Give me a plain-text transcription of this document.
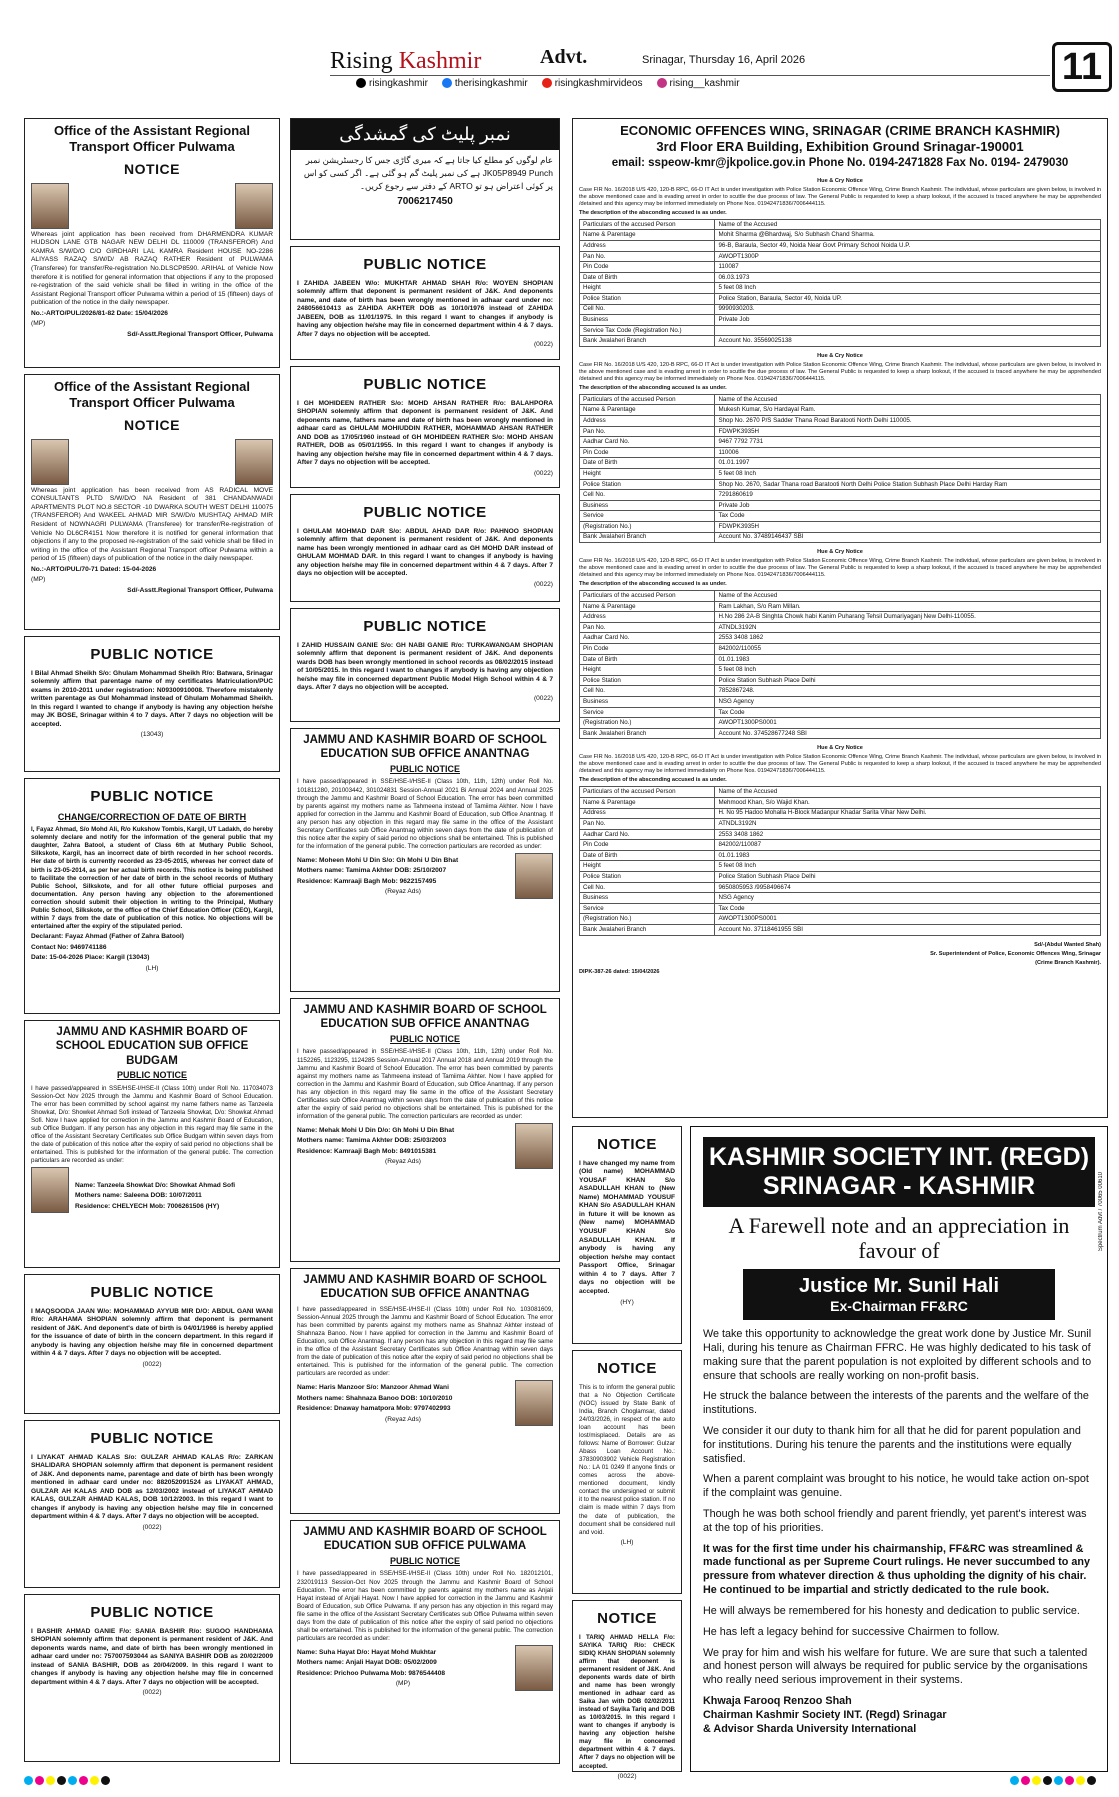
Rising Kashmir	Advt.	Srinagar, Thursday 16, April 2026	11
risingkashmir	therisingkashmir	risingkashmirvideos	rising__kashmir
Office of the Assistant Regional Transport Officer Pulwama
NOTICE

Whereas joint application has been received from DHARMENDRA KUMAR HUDSON LANE GTB NAGAR NEW DELHI DL 110009 (TRANSFEROR) And KAMRA S/W/D/O C/O GIRDHARI LAL KAMRA Resident HOUSE NO-2286 ALIYASS RAZAQ S/W/D/ AB RAZAQ RATHER Resident of PULWAMA (Transferee) for transfer/Re-registration No.DLSCP8590. ARIHAL of Vehicle Now therefore it is notified for general information that objections if any to the proposed re-registration of the said vehicle shall be filled in writing in the office of the Assistant Regional Transport officer Pulwama within a period of 15 (fifteen) days of publication of the notice in the daily newspaper.

No.:-ARTO/PUL/2026/81-82 Date: 15/04/2026

(MP)

Sd/-Asstt.Regional Transport Officer, Pulwama

Office of the Assistant Regional Transport Officer Pulwama
NOTICE

Whereas joint application has been received from AS RADICAL MOVE CONSULTANTS PLTD S/W/D/O NA Resident of 381 CHANDANWADI APARTMENTS PLOT NO.8 SECTOR -10 DWARKA SOUTH WEST DELHI 110075 (TRANSFEROR) And WAKEEL AHMAD MIR S/W/D/o MUSHTAQ AHMAD MIR Resident of NOWNAGRI PULWAMA (Transferee) for transfer/Re-registration of Vehicle No DL6CR4151 Now therefore it is notified for general information that objections if any to the proposed re-registration of the said vehicle shall be filled in writing in the office of the Assistant Regional Transport officer Pulwama within a period of 15 (fifteen) days of publication of the notice in the daily newspaper.

No.:-ARTO/PUL/70-71 Dated: 15-04-2026

(MP)

Sd/-Asstt.Regional Transport Officer, Pulwama

PUBLIC NOTICE

I Bilal Ahmad Sheikh S/o: Ghulam Mohammad Sheikh R/o: Batwara, Srinagar solemnly affirm that parentage name of my certificates Matriculation/PUC exams in 2010-2011 under registration: N09300910008. Therefore mistakenly written parentage as Gul Mohammad instead of Ghulam Mohammad Sheikh. In this regard I wanted to change if anybody is having any objection he/she may JK BOSE, Srinagar within 4 to 7 days. After 7 days no objection will be accepted.

(13043)

PUBLIC NOTICE
CHANGE/CORRECTION OF DATE OF BIRTH

I, Fayaz Ahmad, S/o Mohd Ali, R/o Kukshow Tombis, Kargil, UT Ladakh, do hereby solemnly declare and notify for the information of the general public that my daughter, Zahra Batool, a student of Class 6th at Muthary Public School, Silkskote, Kargil, has an incorrect date of birth recorded in her school records. Her date of birth is currently recorded as 23-05-2015, whereas her correct date of birth is 23-05-2014, as per her actual birth records. This notice is being published to facilitate the correction of her date of birth in the school records of Muthary Public School, Silkskote, and for all other future official purposes and documentation. Any person having any objection to the aforementioned correction should submit their objection in writing to the Principal, Muthary Public School, Silkskote, or the office of the Chief Education Officer (CEO), Kargil, within 7 days from the date of publication of this notice. No objections will be entertained after the expiry of the stipulated period.

Declarant: Fayaz Ahmad (Father of Zahra Batool)

Contact No: 9469741186

Date: 15-04-2026 Place: Kargil (13043)

(LH)

JAMMU AND KASHMIR BOARD OF SCHOOL EDUCATION SUB OFFICE BUDGAM
PUBLIC NOTICE

I have passed/appeared in SSE/HSE-I/HSE-II (Class 10th) under Roll No. 117034073 Session-Oct Nov 2025 through the Jammu and Kashmir Board of School Education. The error has been committed by school against my name fathers name as Tanzeela Showkat, D/o: Showket Ahmad Sofi instead of Tanzeela Showkat, D/o: Showkat Ahmad Sofi. Now I have applied for correction in the Jammu and Kashmir Board of Education, sub Office Budgam. If any person has any objection in this regard may file same in the office of the Assistant Secretary Certificates sub Office Budgam within seven days from the date of publication of this notice after the expiry of said period no objections shall be entertained. This is published for the information of the general public. The correction particulars are recorded as under:

Name: Tanzeela Showkat D/o: Showkat Ahmad Sofi

Mothers name: Saleena DOB: 10/07/2011

Residence: CHELYECH Mob: 7006261506 (HY)

PUBLIC NOTICE

I MAQSOODA JAAN W/o: MOHAMMAD AYYUB MIR D/O: ABDUL GANI WANI R/o: ARAHAMA SHOPIAN solemnly affirm that deponent is permanent resident of J&K. And deponent's date of birth is 04/01/1966 is hereby applied for the issuance of date of birth in the concern department. In this regard if anybody is having any objection he/she may file in concerned department within 4 & 7 days. After 7 days no objection will be accepted.

(0022)

PUBLIC NOTICE

I LIYAKAT AHMAD KALAS S/o: GULZAR AHMAD KALAS R/o: ZARKAN SHALIDARA SHOPIAN solemnly affirm that deponent is permanent resident of J&K. And deponents name, parentage and date of birth has been wrongly mentioned in adhaar card under no: 882052091524 as LIYAKAT AHMAD, GULZAR AH KALAS AND DOB as 12/03/2002 instead of LIYAKAT AHMAD KALAS, GULZAR AHMAD KALAS, DOB 10/12/2003. In this regard I want to changes if anybody is having any objection he/she may file in concerned department within 4 & 7 days. After 7 days no objection will be accepted.

(0022)

PUBLIC NOTICE

I BASHIR AHMAD GANIE F/o: SANIA BASHIR R/o: SUGOO HANDHAMA SHOPIAN solemnly affirm that deponent is permanent resident of J&K. And deponents wards name, and date of birth has been wrongly mentioned in adhaar card under no: 757007593044 as SANIYA BASHIR DOB as 20/02/2009 instead of SANIA BASHIR, DOB as 20/04/2009. In this regard I want to changes if anybody is having any objection he/she may file in concerned department within 4 & 7 days. After 7 days no objection will be accepted.

(0022)

نمبر پلیٹ کی گمشدگی

عام لوگوں کو مطلع کیا جاتا ہے کہ میری گاڑی جس کا رجسٹریشن نمبر JK05P8949 Punch ہے کی نمبر پلیٹ گم ہو گئی ہے۔ اگر کسی کو اس پر کوئی اعتراض ہو تو ARTO کے دفتر سے رجوع کریں۔

7006217450

PUBLIC NOTICE

I ZAHIDA JABEEN W/o: MUKHTAR AHMAD SHAH R/o: WOYEN SHOPIAN solemnly affirm that deponent is permanent resident of J&K. And deponents name, and date of birth has been wrongly mentioned in adhaar card under no: 248056610413 as ZAHIDA AKHTER DOB as 10/10/1976 instead of ZAHIDA JABEEN, DOB as 11/01/1975. In this regard I want to changes if anybody is having any objection he/she may file in concerned department within 4 & 7 days. After 7 days no objection will be accepted.

(0022)

PUBLIC NOTICE

I GH MOHIDEEN RATHER S/o: MOHD AHSAN RATHER R/o: BALAHPORA SHOPIAN solemnly affirm that deponent is permanent resident of J&K. And deponents name, fathers name and date of birth has been wrongly mentioned in adhaar card as GHULAM MOHIUDDIN RATHER, MOHAMMAD AHSAN RATHER AND DOB as 17/05/1960 instead of GH MOHIDEEN RATHER S/o: MOHD AHSAN RATHER, DOB as 05/01/1955. In this regard I want to changes if anybody is having any objection he/she may file in concerned department within 4 & 7 days. After 7 days no objection will be accepted.

(0022)

PUBLIC NOTICE

I GHULAM MOHMAD DAR S/o: ABDUL AHAD DAR R/o: PAHNOO SHOPIAN solemnly affirm that deponent is permanent resident of J&K. And deponents name has been wrongly mentioned in adhaar card as GH MOHD DAR instead of GHULAM MOHMAD DAR. In this regard I want to changes if anybody is having any objection he/she may file in concerned department within 4 & 7 days. After 7 days no objection will be accepted.

(0022)

PUBLIC NOTICE

I ZAHID HUSSAIN GANIE S/o: GH NABI GANIE R/o: TURKAWANGAM SHOPIAN solemnly affirm that deponent is permanent resident of J&K. And deponents wards DOB has been wrongly mentioned in school records as 08/02/2015 instead of 10/05/2015. In this regard I want to changes if anybody is having any objection he/she may file in concerned department Public Model High School within 4 & 7 days. After 7 days no objection will be accepted.

(0022)

JAMMU AND KASHMIR BOARD OF SCHOOL EDUCATION SUB OFFICE ANANTNAG
PUBLIC NOTICE

I have passed/appeared in SSE/HSE-I/HSE-II (Class 10th, 11th, 12th) under Roll No. 101811280, 201003442, 301024831 Session-Annual 2021 Bi Annual 2024 and Annual 2025 through the Jammu and Kashmir Board of School Education. The error has been committed by parents against my mothers name as Tahmeena instead of Tamiima Akhter. Now I have applied for correction in the Jammu and Kashmir Board of Education, sub Office Anantnag. If any person has any objection in this regard may file same in the office of the Assistant Secretary Certificates sub Office Anantnag within seven days from the date of publication of this notice after the expiry of said period no objections shall be entertained. This is published for the information of the general public. The correction particulars are recorded as under:

Name: Moheen Mohi U Din S/o: Gh Mohi U Din Bhat

Mothers name: Tamima Akhter DOB: 25/10/2007

Residence: Kamraaji Bagh Mob: 9622157495

(Reyaz Ads)

JAMMU AND KASHMIR BOARD OF SCHOOL EDUCATION SUB OFFICE ANANTNAG
PUBLIC NOTICE

I have passed/appeared in SSE/HSE-I/HSE-II (Class 10th, 11th, 12th) under Roll No. 1152265, 1123295, 1124285 Session-Annual 2017 Annual 2018 and Annual 2019 through the Jammu and Kashmir Board of School Education. The error has been committed by parents against my mothers name as Tahmeena instead of Tamiima Akhter. Now I have applied for correction in the Jammu and Kashmir Board of Education, sub Office Anantnag. If any person has any objection in this regard may file same in the office of the Assistant Secretary Certificates sub Office Anantnag within seven days from the date of publication of this notice after the expiry of said period no objections shall be entertained. This is published for the information of the general public. The correction particulars are recorded as under:

Name: Mehak Mohi U Din D/o: Gh Mohi U Din Bhat

Mothers name: Tamima Akhter DOB: 25/03/2003

Residence: Kamraaji Bagh Mob: 8491015381

(Reyaz Ads)

JAMMU AND KASHMIR BOARD OF SCHOOL EDUCATION SUB OFFICE ANANTNAG

I have passed/appeared in SSE/HSE-I/HSE-II (Class 10th) under Roll No. 103081609, Session-Annual 2025 through the Jammu and Kashmir Board of School Education. The error has been committed by parents against my mothers name as Shahnaz Akhter instead of Shahnaza Banoo. Now I have applied for correction in the Jammu and Kashmir Board of Education, sub Office Anantnag. If any person has any objection in this regard may file same in the office of the Assistant Secretary Certificates sub Office Anantnag within seven days from the date of publication of this notice after the expiry of said period no objections shall be entertained. This is published for the information of the general public. The correction particulars are recorded as under:

Name: Haris Manzoor S/o: Manzoor Ahmad Wani

Mothers name: Shahnaza Banoo DOB: 10/10/2010

Residence: Dnaway hamatpora Mob: 9797402993

(Reyaz Ads)

JAMMU AND KASHMIR BOARD OF SCHOOL EDUCATION SUB OFFICE PULWAMA
PUBLIC NOTICE

I have passed/appeared in SSE/HSE-I/HSE-II (Class 10th) under Roll No. 182012101, 232019113 Session-Oct Nov 2025 through the Jammu and Kashmir Board of School Education. The error has been committed by parents against my mothers name as Anjali Hayat instead of Anjali Hayat. Now I have applied for correction in the Jammu and Kashmir Board of Education, sub Office Pulwama. If any person has any objection in this regard may file same in the office of the Assistant Secretary Certificates sub Office Pulwama within seven days from the date of publication of this notice after the expiry of said period no objections shall be entertained. This is published for the information of the general public. The correction particulars are recorded as under:

Name: Suha Hayat D/o: Hayat Mohd Mukhtar

Mothers name: Anjali Hayat DOB: 05/02/2009

Residence: Prichoo Pulwama Mob: 9876544408

(MP)

ECONOMIC OFFENCES WING, SRINAGAR (CRIME BRANCH KASHMIR)
3rd Floor ERA Building, Exhibition Ground Srinagar-190001
email: sspeow-kmr@jkpolice.gov.in Phone No. 0194-2471828 Fax No. 0194- 2479030

Hue & Cry Notice

Case FIR No. 16/2018 U/S 420, 120-B RPC, 66-D IT Act is under investigation with Police Station Economic Offence Wing, Crime Branch Kashmir. The individual, whose particulars are given below, is involved in the above mentioned case and is evading arrest in order to scuttle the due process of law. The General Public is requested to keep a sharp lookout, if the accused is traced anywhere he may be apprehended /detained and this agency may be informed immediately on Phone Nos. 01942471836/7006444115.

The description of the absconding accused is as under.

Particulars of the accused Person	Name of the Accused
Name & Parentage	Mohit Sharma @Bhardwaj, S/o Subhash Chand Sharma.
Address	96-B, Baraula, Sector 49, Noida Near Govt Primary School Noida U.P.
Pan No.	AWOPT1300P
Pin Code	110087
Date of Birth	06.03.1973
Height	5 feet 08 Inch
Police Station	Police Station, Baraula, Sector 49, Noida UP.
Cell No.	9990930203.
Business	Private Job
Service Tax Code (Registration No.)	
Bank Jwalaheri Branch	Account No. 35569025138

Hue & Cry Notice

Case FIR No. 16/2018 U/S 420, 120-B RPC, 66-D IT Act is under investigation with Police Station Economic Offence Wing, Crime Branch Kashmir. The individual, whose particulars are given below, is involved in the above mentioned case and is evading arrest in order to scuttle the due process of law. The General Public is requested to keep a sharp lookout, if the accused is traced anywhere he may be apprehended /detained and this agency may be informed immediately on Phone Nos. 01942471836/7006444115.

The description of the absconding accused is as under.

Particulars of the accused Person	Name of the Accused
Name & Parentage	Mukesh Kumar, S/o Hardayal Ram.
Address	Shop No. 2670 P/S Sadder Thana Road Baratooti North Delhi 110005.
Pan No.	FDWPK3935H
Aadhar Card No.	9467 7792 7731
Pin Code	110006
Date of Birth	01.01.1997
Height	5 feet 08 Inch
Police Station	Shop No. 2670, Sadar Thana road Baratooti North Delhi Police Station Subhash Place Delhi Harday Ram
Cell No.	7291860619
Business	Private Job
Service	Tax Code
(Registration No.)	FDWPK3935H
Bank Jwalaheri Branch	Account No. 37489146437 SBI

Hue & Cry Notice

Case FIR No. 16/2018 U/S 420, 120-B RPC, 66-D IT Act is under investigation with Police Station Economic Offence Wing, Crime Branch Kashmir. The individual, whose particulars are given below, is involved in the above mentioned case and is evading arrest in order to scuttle the due process of law. The General Public is requested to keep a sharp lookout, if the accused is traced anywhere he may be apprehended /detained and this agency may be informed immediately on Phone Nos. 01942471836/7006444115.

The description of the absconding accused is as under.

Particulars of the accused Person	Name of the Accused
Name & Parentage	Ram Lakhan, S/o Ram Millan.
Address	H.No 286 2A-B Singhta Chowk habi Kanim Puharang Tehsil Dumariyaganj New Delhi-110055.
Pan No.	ATNDL3192N
Aadhar Card No.	2553 3408 1862
Pin Code	842002/110055
Date of Birth	01.01.1983
Height	5 feet 08 Inch
Police Station	Police Station Subhash Place Delhi
Cell No.	7852867248.
Business	NSG Agency
Service	Tax Code
(Registration No.)	AWOPT1300PS0001
Bank Jwalaheri Branch	Account No. 374528677248 SBI

Hue & Cry Notice

Case FIR No. 16/2018 U/S 420, 120-B RPC, 66-D IT Act is under investigation with Police Station Economic Offence Wing, Crime Branch Kashmir. The individual, whose particulars are given below, is involved in the above mentioned case and is evading arrest in order to scuttle the due process of law. The General Public is requested to keep a sharp lookout, if the accused is traced anywhere he may be apprehended /detained and this agency may be informed immediately on Phone Nos. 01942471836/7006444115.

The description of the absconding accused is as under.

Particulars of the accused Person	Name of the Accused
Name & Parentage	Mehmood Khan, S/o Wajid Khan.
Address	H. No 95 Hadoo Mohalla H-Block Madanpur Khadar Sarita Vihar New Delhi.
Pan No.	ATNDL3192N
Aadhar Card No.	2553 3408 1862
Pin Code	842002/110087
Date of Birth	01.01.1983
Height	5 feet 08 Inch
Police Station	Police Station Subhash Place Delhi
Cell No.	9650805953 /9958496674
Business	NSG Agency
Service	Tax Code
(Registration No.)	AWOPT1300PS0001
Bank Jwalaheri Branch	Account No. 37118461955 SBI

Sd/-(Abdul Wanted Shah)

Sr. Superintendent of Police, Economic Offences Wing, Srinagar

(Crime Branch Kashmir).

DIPK-387-26 dated: 15/04/2026

NOTICE

I have changed my name from (Old name) MOHAMMAD YOUSAF KHAN S/o ASADULLAH KHAN to (New Name) MOHAMMAD YOUSUF KHAN S/o ASADULLAH KHAN in future it will be known as (New name) MOHAMMAD YOUSUF KHAN S/o ASADULLAH KHAN. If anybody is having any objection he/she may contact Passport Office, Srinagar within 4 to 7 days. After 7 days no objection will be accepted.

(HY)

NOTICE

This is to inform the general public that a No Objection Certificate (NOC) issued by State Bank of India, Branch Choglamsar, dated 24/03/2026, in respect of the auto loan account has been lost/misplaced. Details are as follows: Name of Borrower: Gulzar Abass Loan Account No.: 37830903902 Vehicle Registration No.: LA 01 0249 If anyone finds or comes across the above-mentioned document, kindly contact the undersigned or submit it to the nearest police station. If no claim is made within 7 days from the date of publication, the document shall be considered null and void.

(LH)

NOTICE

I TARIQ AHMAD HELLA F/o: SAYIKA TARIQ R/o: CHECK SIDIQ KHAN SHOPIAN solemnly affirm that deponent is permanent resident of J&K. And deponents wards date of birth and name has been wrongly mentioned in adhaar card as Saika Jan with DOB 02/02/2011 instead of Sayika Tariq and DOB as 10/03/2015. In this regard I want to changes if anybody is having any objection he/she may file in concerned department within 4 & 7 days. After 7 days no objection will be accepted.

(0022)

KASHMIR SOCIETY INT. (REGD) SRINAGAR - KASHMIR
A Farewell note and an appreciation in favour of
Justice Mr. Sunil Hali
Ex-Chairman FF&RC

We take this opportunity to acknowledge the great work done by Justice Mr. Sunil Hali, during his tenure as Chairman FFRC. He was highly dedicated to his task of making sure that the parent population is not exploited by different schools and to ensure that schools are really working on non-profit basis.

He struck the balance between the interests of the parents and the welfare of the institutions.

We consider it our duty to thank him for all that he did for parent population and for institutions. During his tenure the parents and the institutions were equally satisfied.

When a parent complaint was brought to his notice, he would take action on-spot if the complaint was genuine.

Though he was both school friendly and parent friendly, yet parent's interest was at the top of his priorities.

It was for the first time under his chairmanship, FF&RC was streamlined & made functional as per Supreme Court rulings. He never succumbed to any pressure from whatever direction & thus upholding the dignity of his chair. He continued to be impartial and strictly dedicated to the rule book.

He will always be remembered for his honesty and dedication to public service.

He has left a legacy behind for successive Chairmen to follow.

We pray for him and wish his welfare for future. We are sure that such a talented and honest person will always be required for public service by the organisations who really need serious improvement in their systems.

Khwaja Farooq Renzoo Shah

Chairman Kashmir Society INT. (Regd) Srinagar

& Advisor Sharda University International

Spectrum Advt / 70065 00610
